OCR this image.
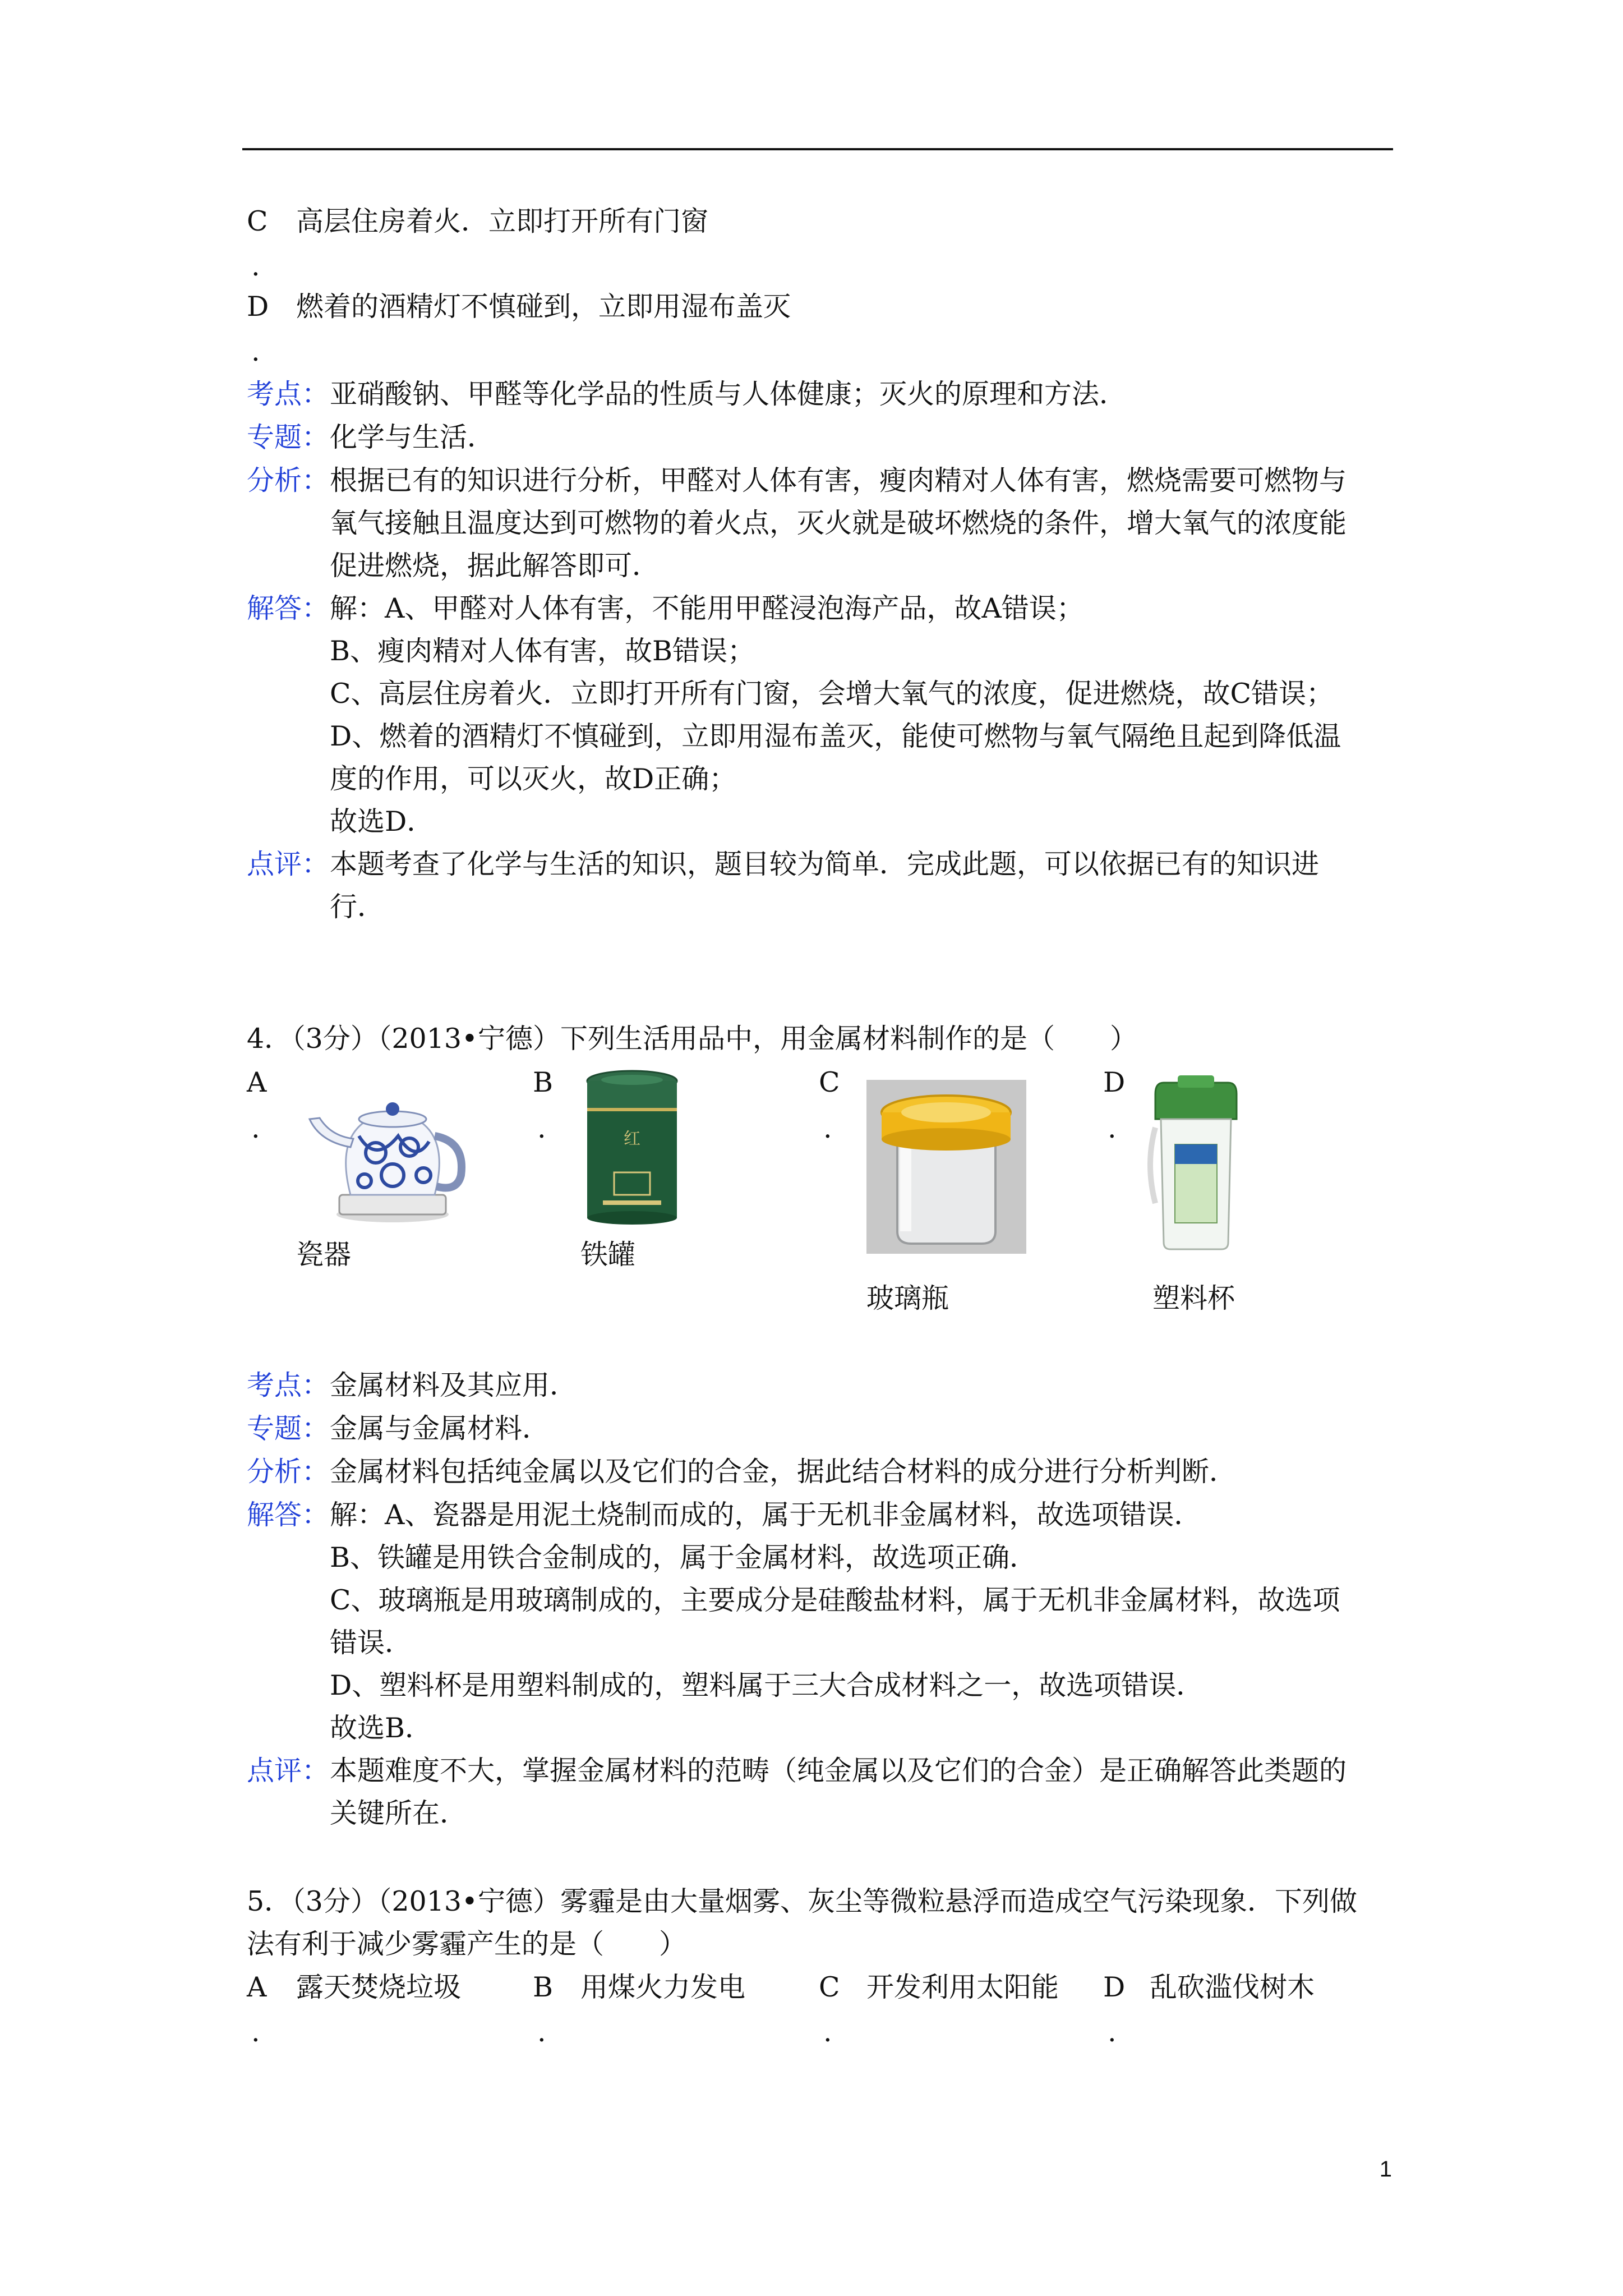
C 高层住房着火．立即打开所有门窗
.
D 燃着的酒精灯不慎碰到，立即用湿布盖灭
.
考点： 亚硝酸钠、甲醛等化学品的性质与人体健康；灭火的原理和方法．
专题： 化学与生活．
分析： 根据已有的知识进行分析，甲醛对人体有害，瘦肉精对人体有害，燃烧需要可燃物与
氧气接触且温度达到可燃物的着火点，灭火就是破坏燃烧的条件，增大氧气的浓度能
促进燃烧，据此解答即可．
解答： 解：A、甲醛对人体有害，不能用甲醛浸泡海产品，故A错误；
B、瘦肉精对人体有害，故B错误；
C、高层住房着火．立即打开所有门窗，会增大氧气的浓度，促进燃烧，故C错误；
D、燃着的酒精灯不慎碰到，立即用湿布盖灭，能使可燃物与氧气隔绝且起到降低温
度的作用，可以灭火，故D正确；
故选D．
点评： 本题考查了化学与生活的知识，题目较为简单．完成此题，可以依据已有的知识进
行．
4．（3分）（2013•宁德）下列生活用品中，用金属材料制作的是（　　）
A
.
B
.
C
.
D
.
红
瓷器	铁罐
玻璃瓶	塑料杯
考点： 金属材料及其应用．
专题： 金属与金属材料．
分析： 金属材料包括纯金属以及它们的合金，据此结合材料的成分进行分析判断．
解答： 解：A、瓷器是用泥土烧制而成的，属于无机非金属材料，故选项错误．
B、铁罐是用铁合金制成的，属于金属材料，故选项正确．
C、玻璃瓶是用玻璃制成的，主要成分是硅酸盐材料，属于无机非金属材料，故选项
错误．
D、塑料杯是用塑料制成的，塑料属于三大合成材料之一，故选项错误．
故选B．
点评： 本题难度不大，掌握金属材料的范畴（纯金属以及它们的合金）是正确解答此类题的
关键所在．
5．（3分）（2013•宁德）雾霾是由大量烟雾、灰尘等微粒悬浮而造成空气污染现象．下列做
法有利于减少雾霾产生的是（　　）
A 露天焚烧垃圾
.
B 用煤火力发电
.
C 开发利用太阳能
.
D 乱砍滥伐树木
.
1
